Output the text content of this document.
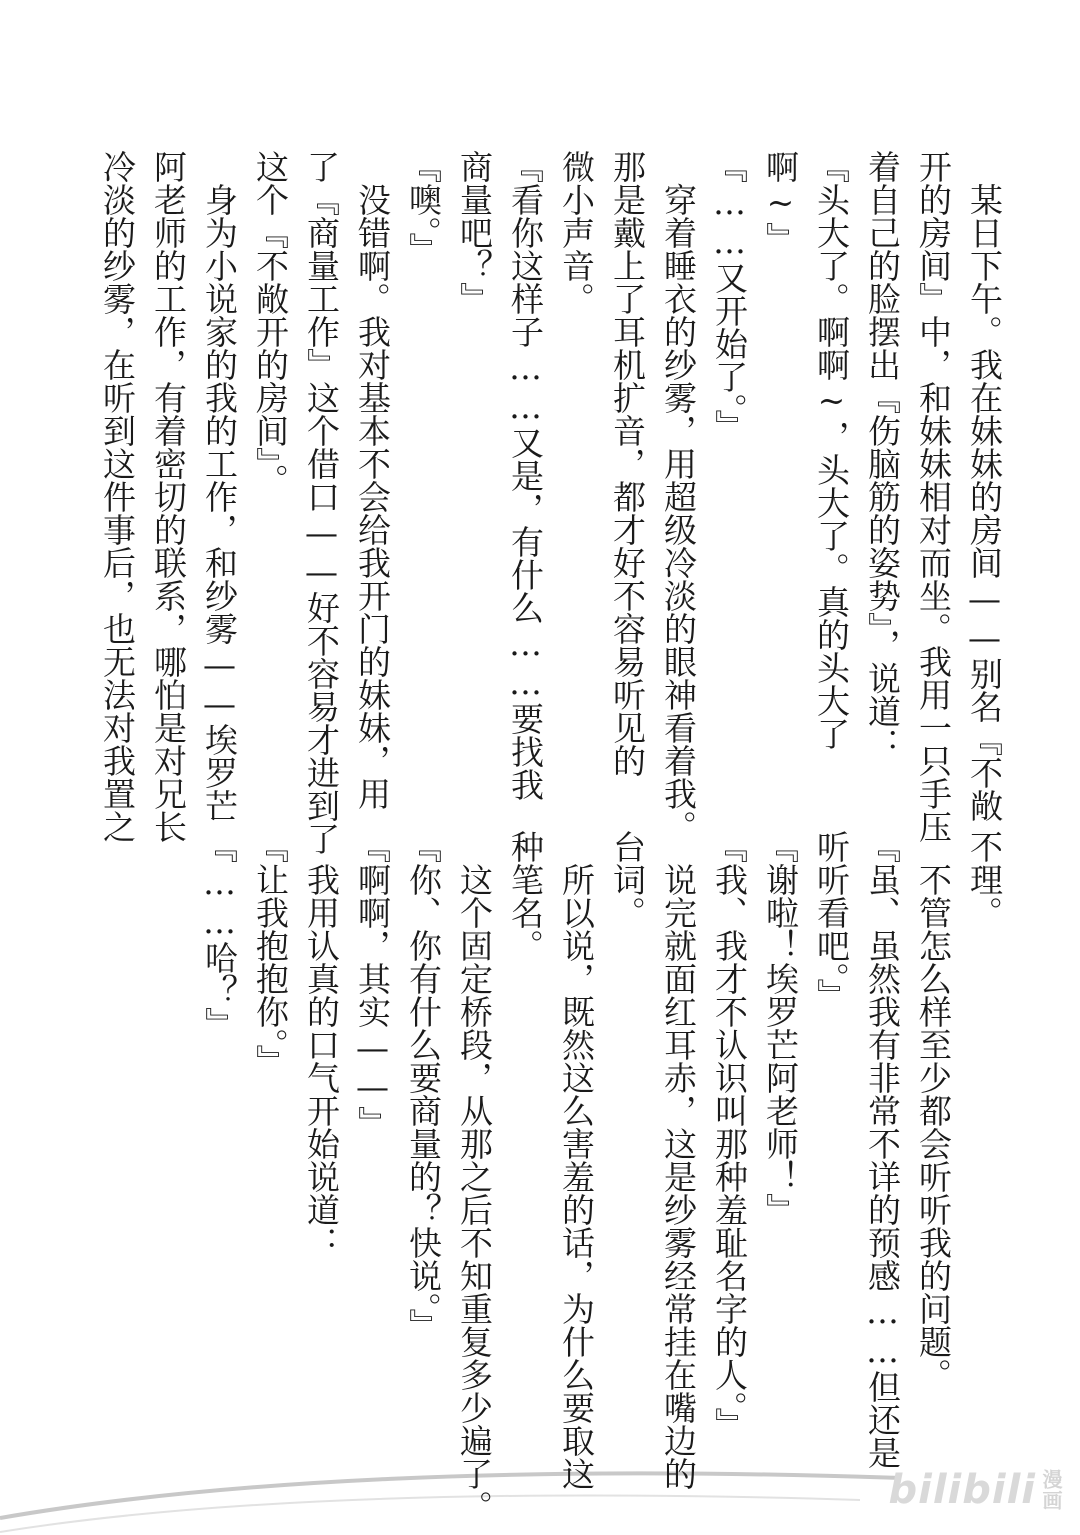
　某日下午。我在妹妹的房间——别名『不敞
开的房间』中，和妹妹相对而坐。我用一只手压
着自己的脸摆出『伤脑筋的姿势』，说道：
『头大了。啊啊~，头大了。真的头大了
啊~』
『……又开始了。』
　穿着睡衣的纱雾，用超级冷淡的眼神看着我。
那是戴上了耳机扩音，都才好不容易听见的
微小声音。
『看你这样子……又是，有什么……要找我
商量吧？』
『噢。』
　没错啊。我对基本不会给我开门的妹妹，用
了『商量工作』这个借口——好不容易才进到了
这个『不敞开的房间』。
　身为小说家的我的工作，和纱雾——埃罗芒
阿老师的工作，有着密切的联系，哪怕是对兄长
冷淡的纱雾，在听到这件事后，也无法对我置之
不理。
　不管怎么样至少都会听听我的问题。
『虽、虽然我有非常不详的预感……但还是
听听看吧。』
『谢啦！埃罗芒阿老师！』
『我、我才不认识叫那种羞耻名字的人。』
　说完就面红耳赤，这是纱雾经常挂在嘴边的
台词。
　所以说，既然这么害羞的话，为什么要取这
种笔名。
　这个固定桥段，从那之后不知重复多少遍了。
『你、你有什么要商量的？快说。』
『啊啊，其实——』
　我用认真的口气开始说道：
『让我抱抱你。』
『……哈？』
bilibili 漫画
